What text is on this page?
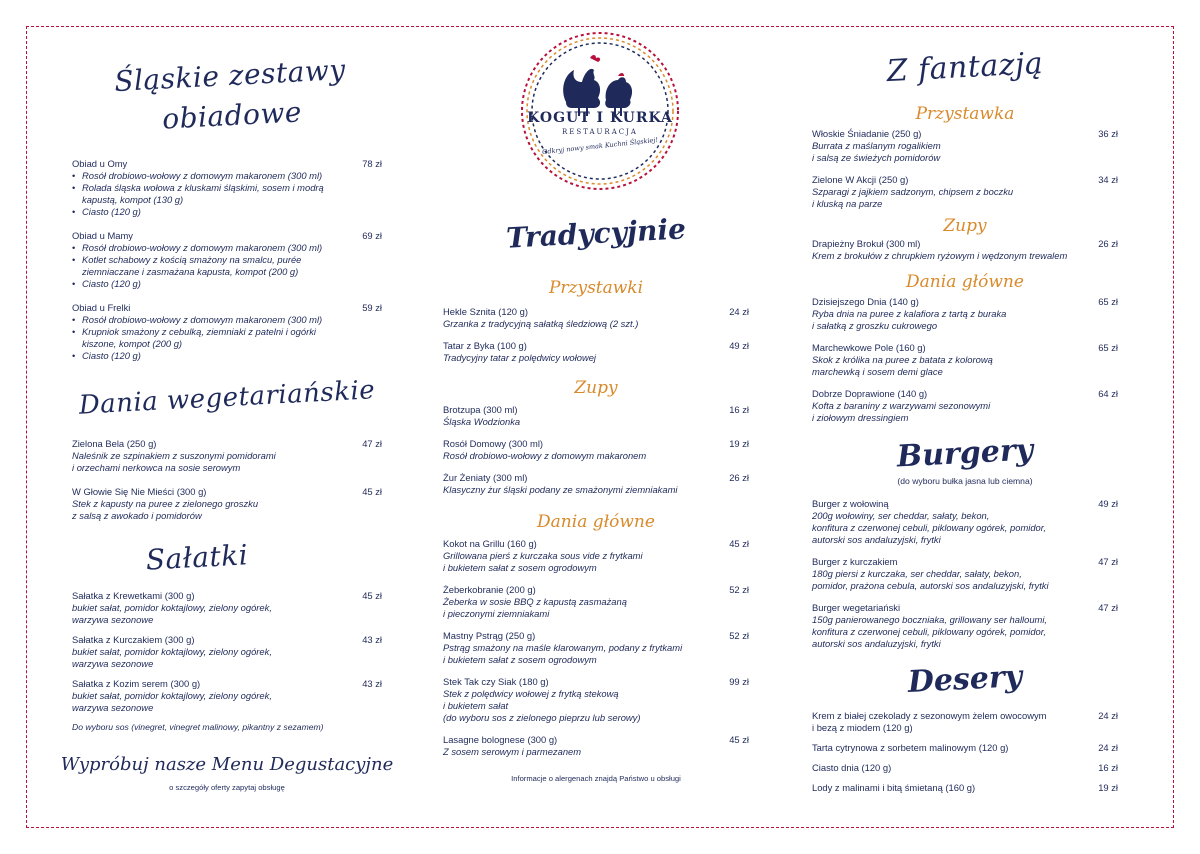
Śląskie zestawy
obiadowe
Obiad u Omy	78 zł
• Rosół drobiowo-wołowy z domowym makaronem (300 ml)
• Rolada śląska wołowa z kluskami śląskimi, sosem i modrą kapustą, kompot (130 g)
• Ciasto (120 g)
Obiad u Mamy	69 zł
• Rosół drobiowo-wołowy z domowym makaronem (300 ml)
• Kotlet schabowy z kością smażony na smalcu, purée ziemniaczane i zasmażana kapusta, kompot (200 g)
• Ciasto (120 g)
Obiad u Frelki	59 zł
• Rosół drobiowo-wołowy z domowym makaronem (300 ml)
• Krupniok smażony z cebulką, ziemniaki z patelni i ogórki kiszone, kompot (200 g)
• Ciasto (120 g)
Dania wegetariańskie
Zielona Bela (250 g)	47 zł
Naleśnik ze szpinakiem z suszonymi pomidorami
i orzechami nerkowca na sosie serowym
W Głowie Się Nie Mieści (300 g)	45 zł
Stek z kapusty na puree z zielonego groszku
z salsą z awokado i pomidorów
Sałatki
Sałatka z Krewetkami (300 g)	45 zł
bukiet sałat, pomidor koktajlowy, zielony ogórek,
warzywa sezonowe
Sałatka z Kurczakiem (300 g)	43 zł
bukiet sałat, pomidor koktajlowy, zielony ogórek,
warzywa sezonowe
Sałatka z Kozim serem (300 g)	43 zł
bukiet sałat, pomidor koktajlowy, zielony ogórek,
warzywa sezonowe
Do wyboru sos (vinegret, vinegret malinowy, pikantny z sezamem)
Wypróbuj nasze Menu Degustacyjne
o szczegóły oferty zapytaj obsługę
KOGUT I KURKA
RESTAURACJA
Odkryj nowy smak Kuchni Śląskiej!
Tradycyjnie
Przystawki
Hekle Sznita (120 g)	24 zł
Grzanka z tradycyjną sałatką śledziową (2 szt.)
Tatar z Byka (100 g)	49 zł
Tradycyjny tatar z polędwicy wołowej
Zupy
Brotzupa (300 ml)	16 zł
Śląska Wodzionka
Rosół Domowy (300 ml)	19 zł
Rosół drobiowo-wołowy z domowym makaronem
Żur Żeniaty (300 ml)	26 zł
Klasyczny żur śląski podany ze smażonymi ziemniakami
Dania główne
Kokot na Grillu (160 g)	45 zł
Grillowana pierś z kurczaka sous vide z frytkami
i bukietem sałat z sosem ogrodowym
Żeberkobranie (200 g)	52 zł
Żeberka w sosie BBQ z kapustą zasmażaną
i pieczonymi ziemniakami
Mastny Pstrąg (250 g)	52 zł
Pstrąg smażony na maśle klarowanym, podany z frytkami
i bukietem sałat z sosem ogrodowym
Stek Tak czy Siak (180 g)	99 zł
Stek z polędwicy wołowej z frytką stekową
i bukietem sałat
(do wyboru sos z zielonego pieprzu lub serowy)
Lasagne bolognese (300 g)	45 zł
Z sosem serowym i parmezanem
Informacje o alergenach znajdą Państwo u obsługi
Z fantazją
Przystawka
Włoskie Śniadanie (250 g)	36 zł
Burrata z maślanym rogalikiem
i salsą ze świeżych pomidorów
Zielone W Akcji (250 g)	34 zł
Szparagi z jajkiem sadzonym, chipsem z boczku
i kluską na parze
Zupy
Drapieżny Brokuł (300 ml)	26 zł
Krem z brokułów z chrupkiem ryżowym i wędzonym trewalem
Dania główne
Dzisiejszego Dnia (140 g)	65 zł
Ryba dnia na puree z kalafiora z tartą z buraka
i sałatką z groszku cukrowego
Marchewkowe Pole (160 g)	65 zł
Skok z królika na puree z batata z kolorową
marchewką i sosem demi glace
Dobrze Doprawione (140 g)	64 zł
Kofta z baraniny z warzywami sezonowymi
i ziołowym dressingiem
Burgery
(do wyboru bułka jasna lub ciemna)
Burger z wołowiną	49 zł
200g wołowiny, ser cheddar, sałaty, bekon,
konfitura z czerwonej cebuli, piklowany ogórek, pomidor,
autorski sos andaluzyjski, frytki
Burger z kurczakiem	47 zł
180g piersi z kurczaka, ser cheddar, sałaty, bekon,
pomidor, prażona cebula, autorski sos andaluzyjski, frytki
Burger wegetariański	47 zł
150g panierowanego boczniaka, grillowany ser halloumi,
konfitura z czerwonej cebuli, piklowany ogórek, pomidor,
autorski sos andaluzyjski, frytki
Desery
Krem z białej czekolady z sezonowym żelem owocowym
i bezą z miodem (120 g)
24 zł
Tarta cytrynowa z sorbetem malinowym (120 g)	24 zł
Ciasto dnia (120 g)	16 zł
Lody z malinami i bitą śmietaną (160 g)	19 zł
